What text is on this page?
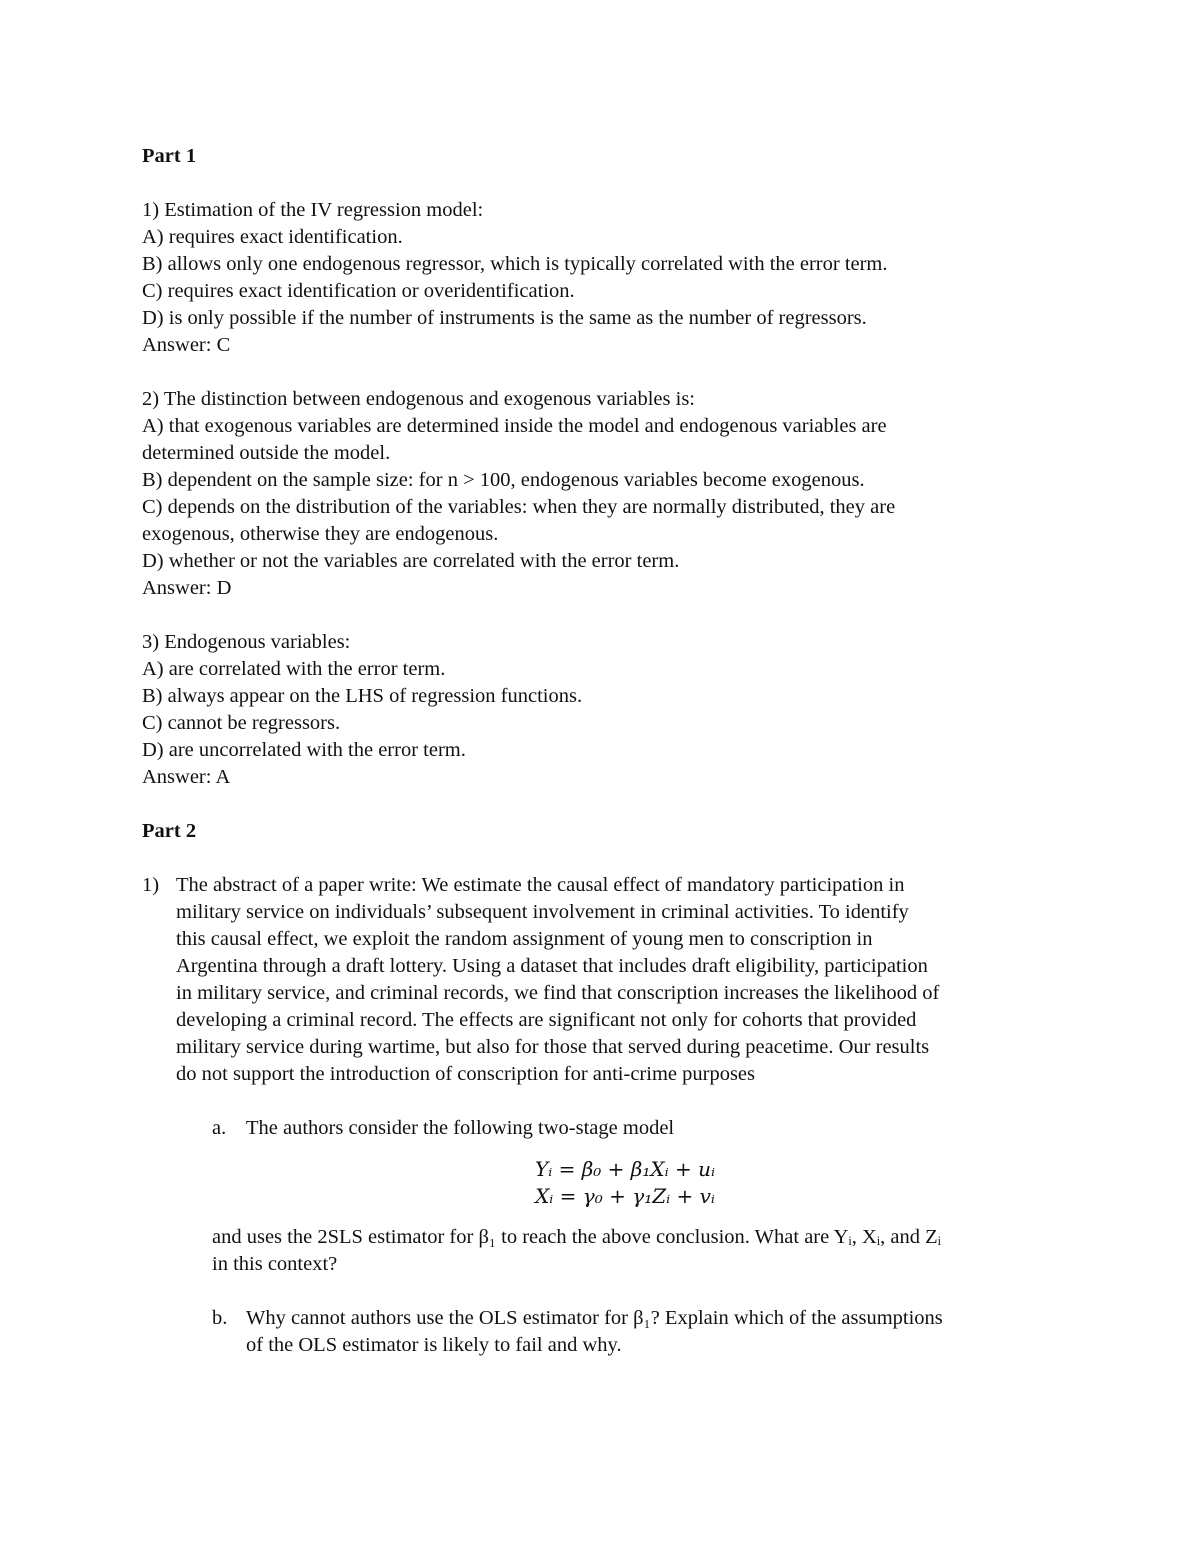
Part 1
1) Estimation of the IV regression model:
A) requires exact identification.
B) allows only one endogenous regressor, which is typically correlated with the error term.
C) requires exact identification or overidentification.
D) is only possible if the number of instruments is the same as the number of regressors.
Answer: C
2) The distinction between endogenous and exogenous variables is:
A) that exogenous variables are determined inside the model and endogenous variables are
determined outside the model.
B) dependent on the sample size: for n > 100, endogenous variables become exogenous.
C) depends on the distribution of the variables: when they are normally distributed, they are
exogenous, otherwise they are endogenous.
D) whether or not the variables are correlated with the error term.
Answer: D
3) Endogenous variables:
A) are correlated with the error term.
B) always appear on the LHS of regression functions.
C) cannot be regressors.
D) are uncorrelated with the error term.
Answer: A
Part 2
1) The abstract of a paper write: We estimate the causal effect of mandatory participation in
military service on individuals’ subsequent involvement in criminal activities. To identify
this causal effect, we exploit the random assignment of young men to conscription in
Argentina through a draft lottery. Using a dataset that includes draft eligibility, participation
in military service, and criminal records, we find that conscription increases the likelihood of
developing a criminal record. The effects are significant not only for cohorts that provided
military service during wartime, but also for those that served during peacetime. Our results
do not support the introduction of conscription for anti-crime purposes
a. The authors consider the following two-stage model
Yᵢ = β₀ + β₁Xᵢ + uᵢ
Xᵢ = γ₀ + γ₁Zᵢ + vᵢ
and uses the 2SLS estimator for β₁ to reach the above conclusion. What are Yᵢ, Xᵢ, and Zᵢ
in this context?
b. Why cannot authors use the OLS estimator for β₁? Explain which of the assumptions
of the OLS estimator is likely to fail and why.
